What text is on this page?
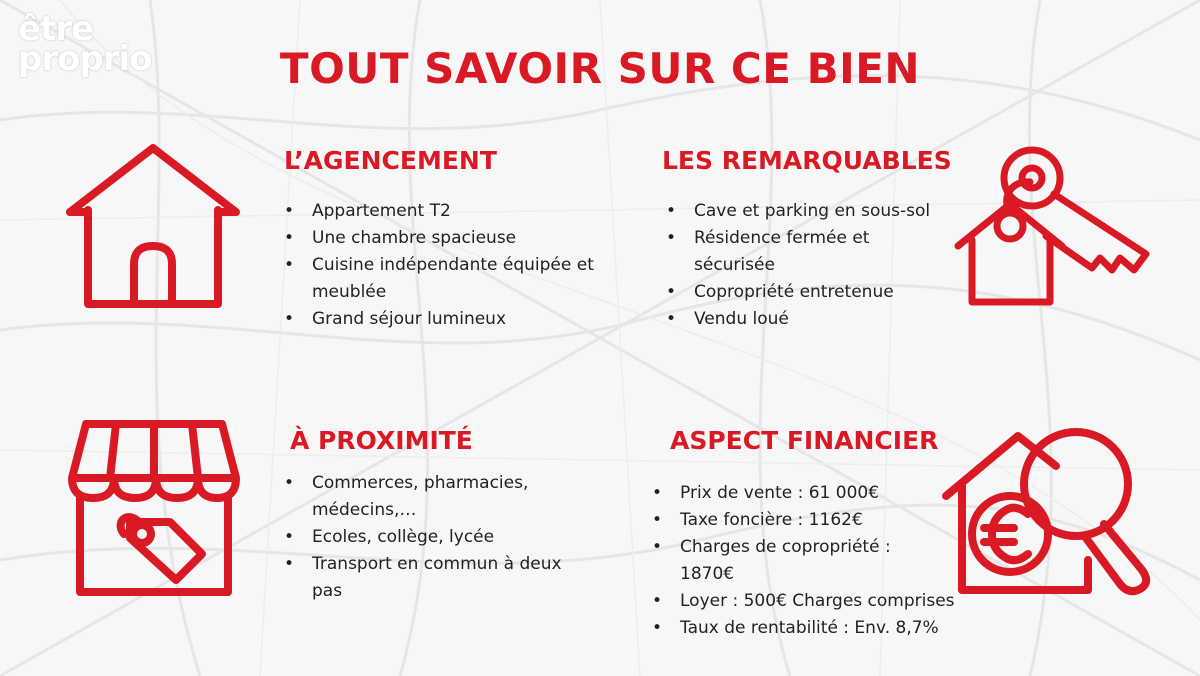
être
proprio	TOUT SAVOIR SUR CE BIEN
L’AGENCEMENT
• Appartement T2
• Une chambre spacieuse
• Cuisine indépendante équipée et meublée
• Grand séjour lumineux
LES REMARQUABLES
• Cave et parking en sous-sol
• Résidence fermée et sécurisée
• Copropriété entretenue
• Vendu loué
À PROXIMITÉ
• Commerces, pharmacies, médecins,…
• Ecoles, collège, lycée
• Transport en commun à deux pas
ASPECT FINANCIER
• Prix de vente : 61 000€
• Taxe foncière : 1162€
• Charges de copropriété : 1870€
• Loyer : 500€ Charges comprises
• Taux de rentabilité : Env. 8,7%
